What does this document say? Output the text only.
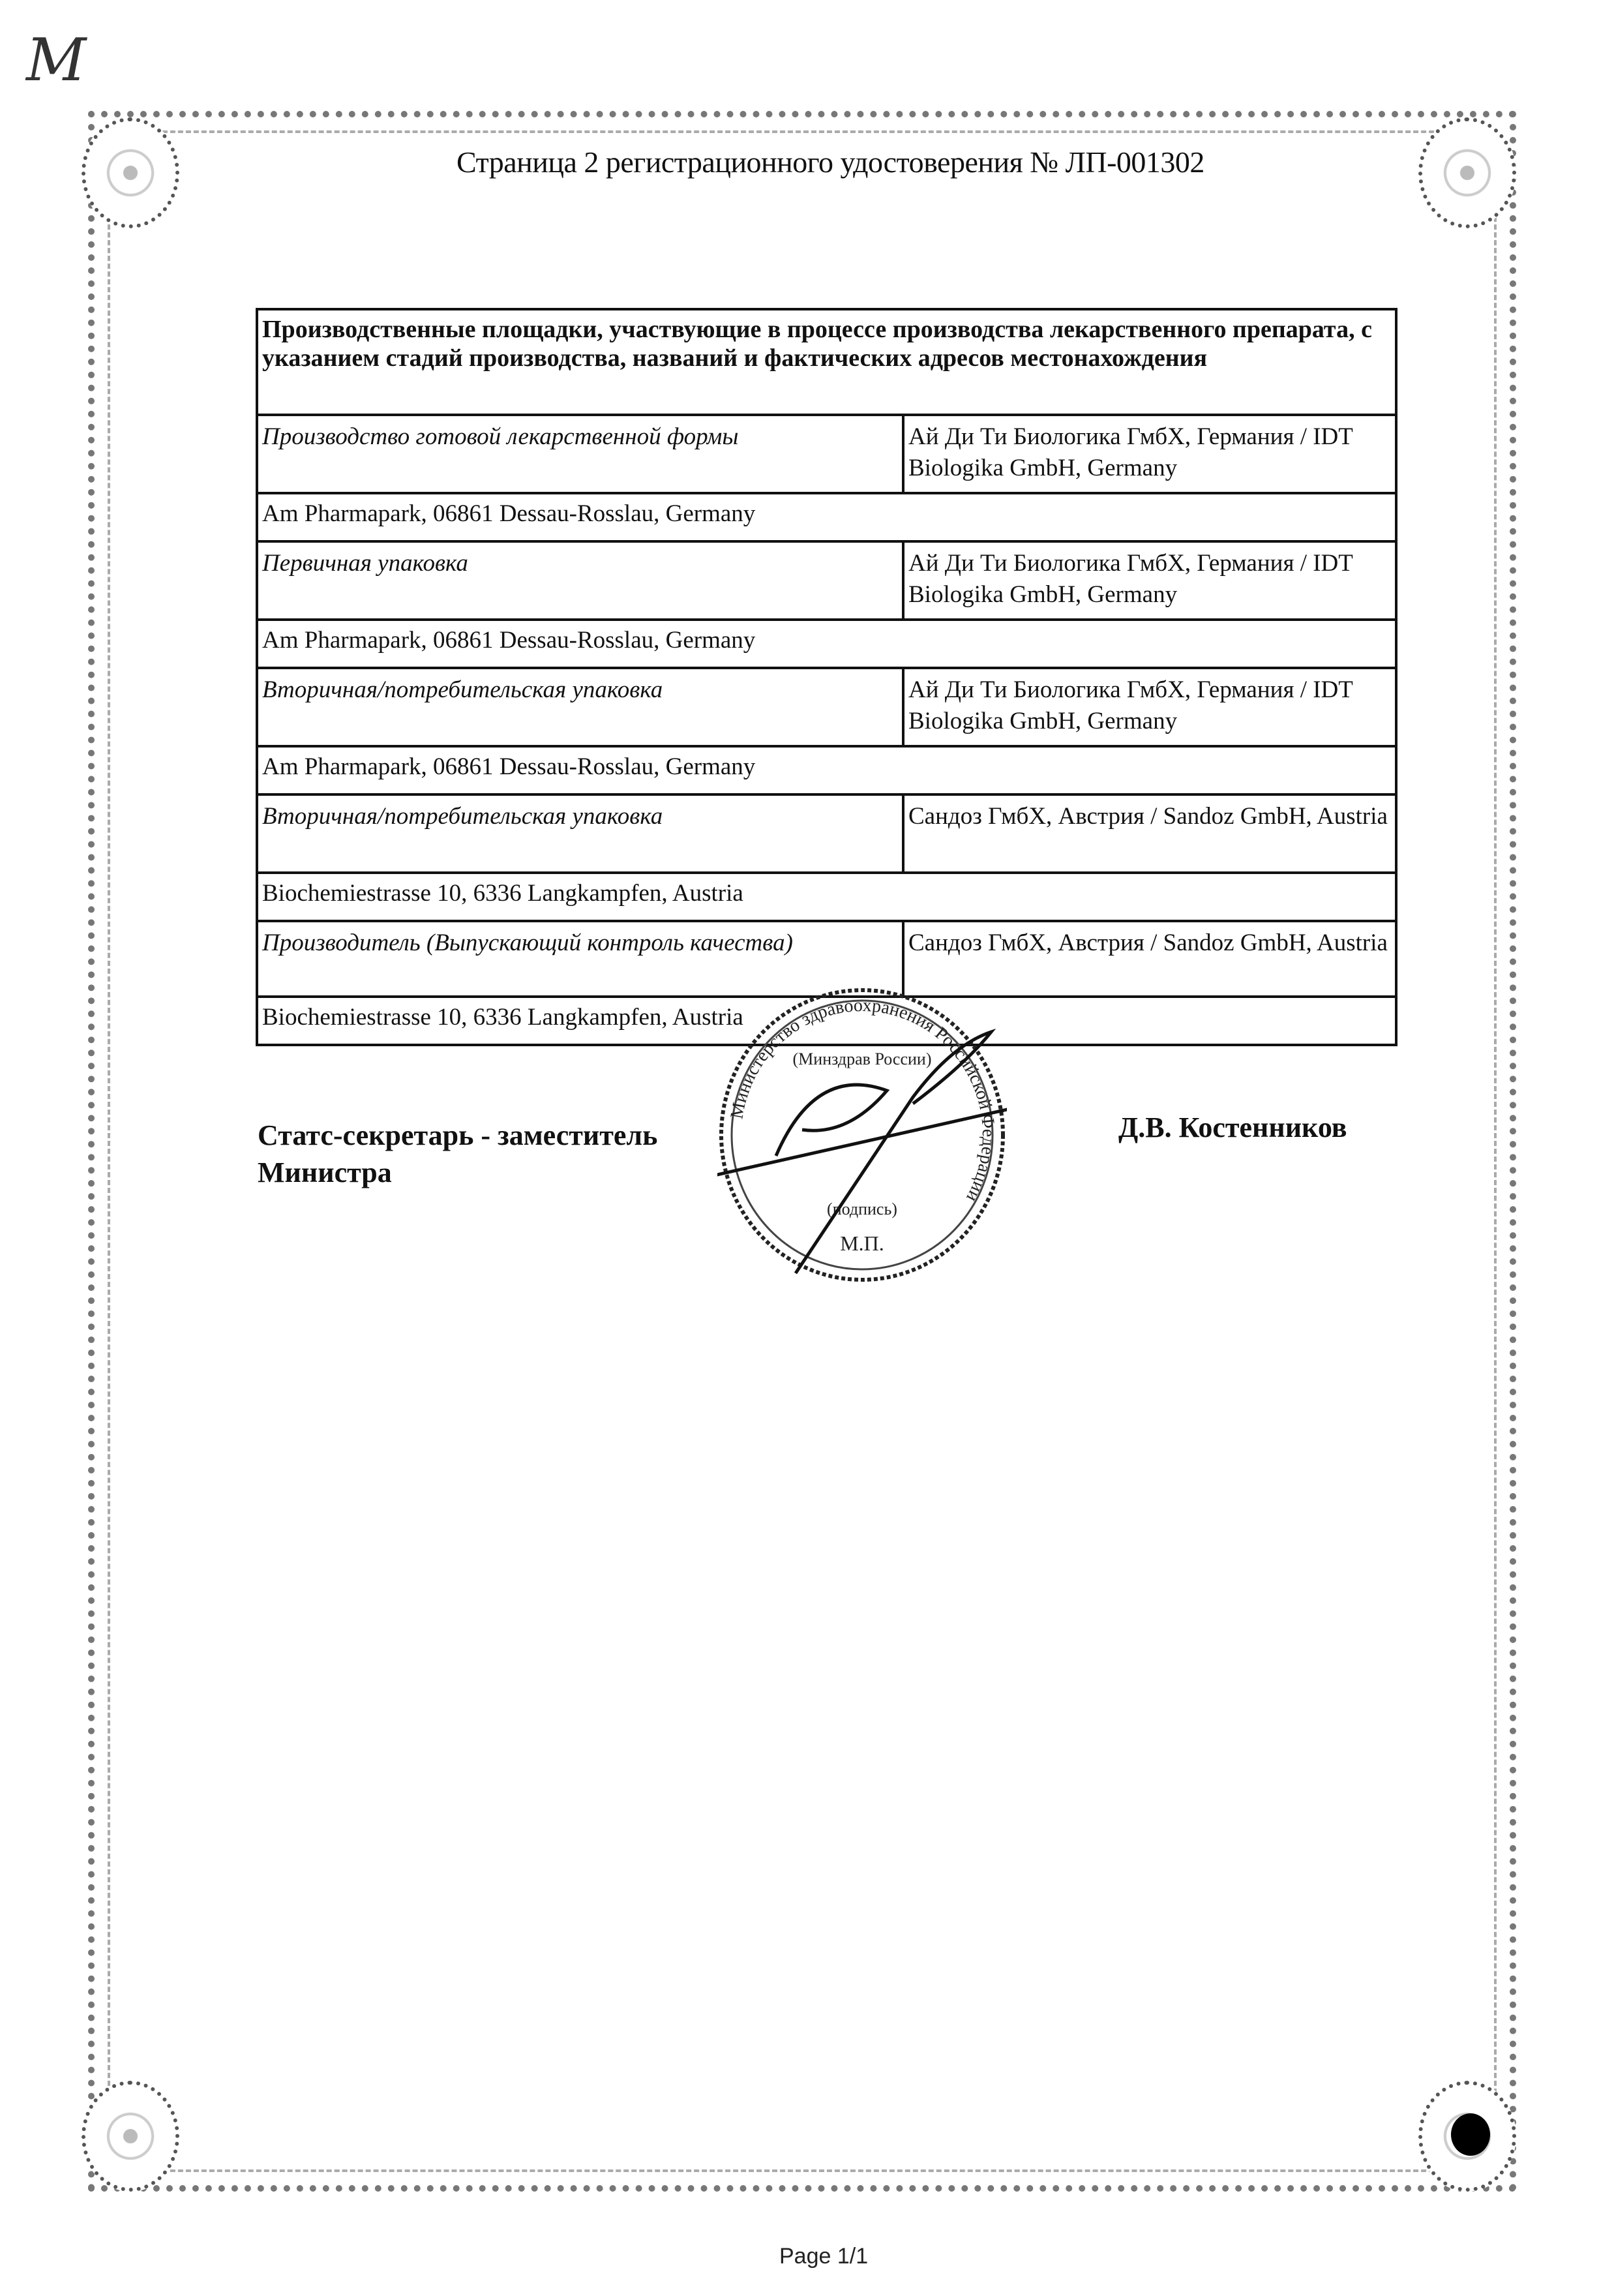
M
Страница 2 регистрационного удостоверения № ЛП-001302
Производственные площадки, участвующие в процессе производства лекарственного препарата, с указанием стадий производства, названий и фактических адресов местонахождения	
Производство готовой лекарственной формы	Ай Ди Ти Биологика ГмбХ, Германия / IDT Biologika GmbH, Germany
Am Pharmapark, 06861 Dessau-Rosslau, Germany	
Первичная упаковка	Ай Ди Ти Биологика ГмбХ, Германия / IDT Biologika GmbH, Germany
Am Pharmapark, 06861 Dessau-Rosslau, Germany	
Вторичная/потребительская упаковка	Ай Ди Ти Биологика ГмбХ, Германия / IDT Biologika GmbH, Germany
Am Pharmapark, 06861 Dessau-Rosslau, Germany	
Вторичная/потребительская упаковка	Сандоз ГмбХ, Австрия / Sandoz GmbH, Austria
Biochemiestrasse 10, 6336 Langkampfen, Austria	
Производитель (Выпускающий контроль качества)	Сандоз ГмбХ, Австрия / Sandoz GmbH, Austria
Biochemiestrasse 10, 6336 Langkampfen, Austria	
Статс-секретарь - заместитель
Министра
Д.В. Костенников
Министерство здравоохранения Российской Федерации
(Минздрав России)
(подпись)
М.П.
Page 1/1
